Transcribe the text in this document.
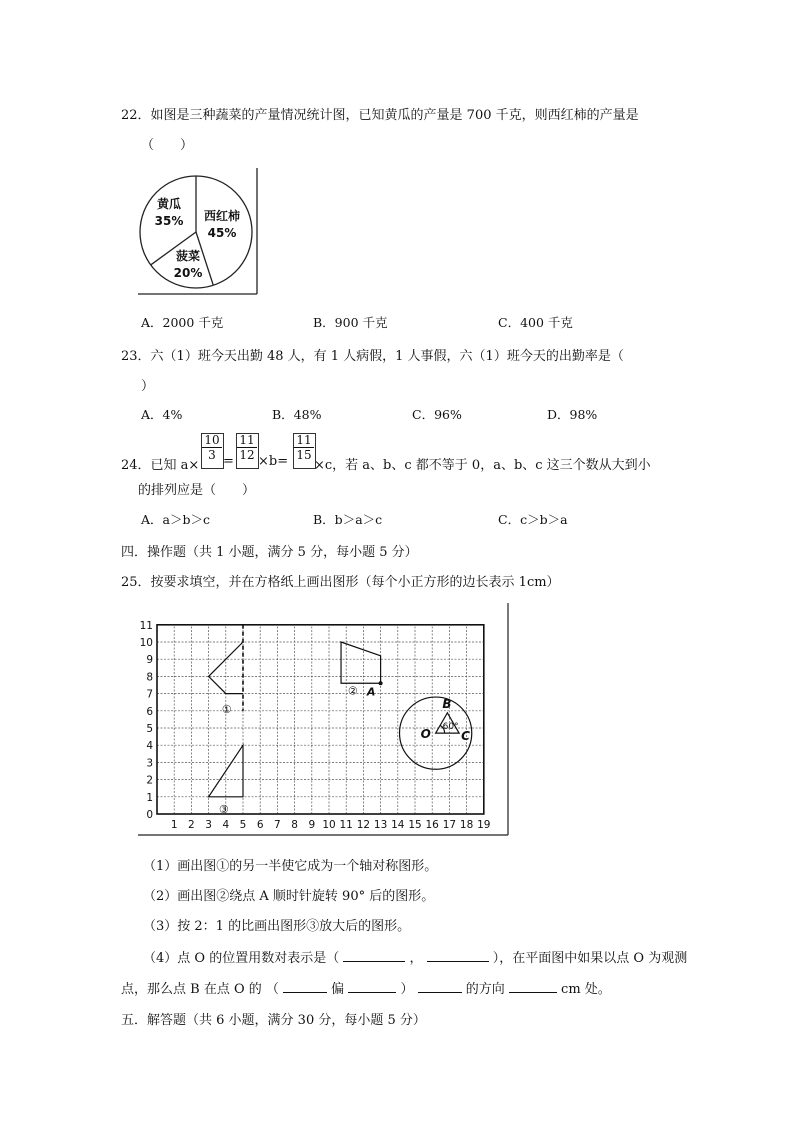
22．如图是三种蔬菜的产量情况统计图，已知黄瓜的产量是 700 千克，则西红柿的产量是
（　　）
黄瓜
35% 西红柿
45%
菠菜
20%
A．2000 千克	B．900 千克	C．400 千克
23．六（1）班今天出勤 48 人，有 1 人病假，1 人事假，六（1）班今天的出勤率是（
）
A．4%	B．48%	C．96%	D．98%
24．已知 a×
$\frac{10}{3} = \frac{11}{12} \times b= \frac{11}{15}$
×c，若 a、b、c 都不等于 0，a、b、c 这三个数从大到小
的排列应是（　　）
A．a＞b＞c	B．b＞a＞c	C．c＞b＞a
四．操作题（共 1 小题，满分 5 分，每小题 5 分）
25．按要求填空，并在方格纸上画出图形（每个小正方形的边长表示 1cm）
1 2 3 4 5 6 7 8 9 10 11 12 13 14 15 16 17 18 19
0
1
2
3
4
5
6
7
8
9
10
11
①
② A
③
B
O	C
60°
（1）画出图①的另一半使它成为一个轴对称图形。
（2）画出图②绕点 A 顺时针旋转 90° 后的图形。
（3）按 2：1 的比画出图形③放大后的图形。
（4）点 O 的位置用数对表示是（	，	），在平面图中如果以点 O 为观测
点，那么点 B 在点 O 的 （	偏	）	的方向	cm 处。
五．解答题（共 6 小题，满分 30 分，每小题 5 分）
